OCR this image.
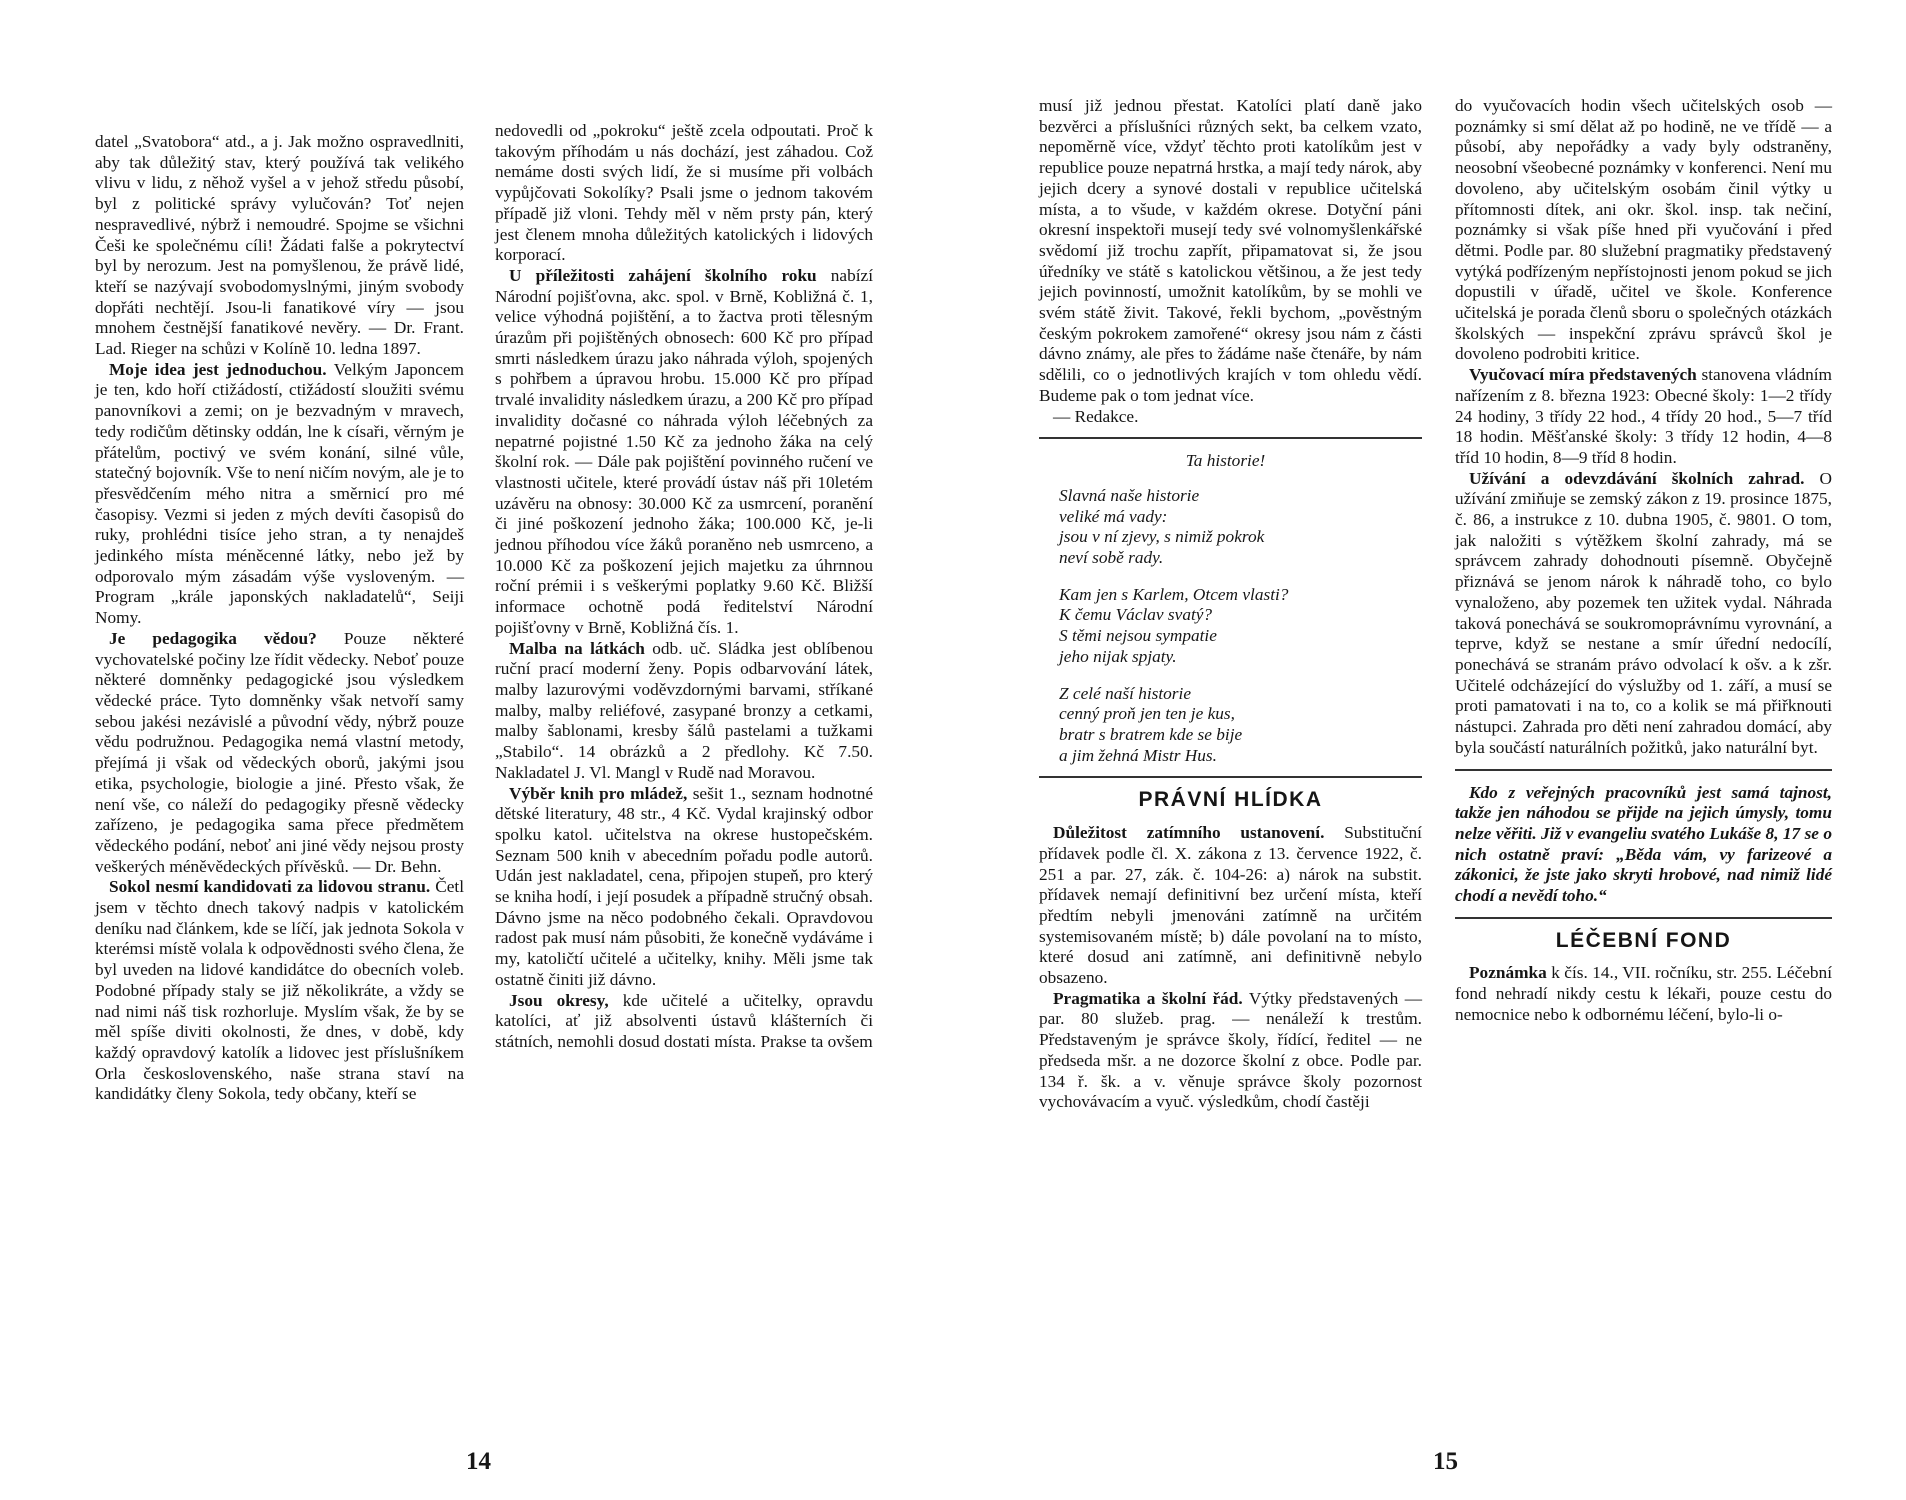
datel „Svatobora“ atd., a j. Jak možno ospravedlniti, aby tak důležitý stav, který používá tak velikého vlivu v lidu, z něhož vyšel a v jehož středu působí, byl z politické správy vylučován? Toť nejen nespravedlivé, nýbrž i nemoudré. Spojme se všichni Češi ke společnému cíli! Žádati falše a pokrytectví byl by nerozum. Jest na pomyšlenou, že právě lidé, kteří se nazývají svobodomyslnými, jiným svobody dopřáti nechtějí. Jsou-li fanatikové víry — jsou mnohem čestnější fanatikové nevěry. — Dr. Frant. Lad. Rieger na schůzi v Kolíně 10. ledna 1897.

Moje idea jest jednoduchou. Velkým Japoncem je ten, kdo hoří ctižádostí, ctižádostí sloužiti svému panovníkovi a zemi; on je bezvadným v mravech, tedy rodičům dětinsky oddán, lne k císaři, věrným je přátelům, poctivý ve svém konání, silné vůle, statečný bojovník. Vše to není ničím novým, ale je to přesvědčením mého nitra a směrnicí pro mé časopisy. Vezmi si jeden z mých devíti časopisů do ruky, prohlédni tisíce jeho stran, a ty nenajdeš jedinkého místa méněcenné látky, nebo jež by odporovalo mým zásadám výše vysloveným. — Program „krále japonských nakladatelů“, Seiji Nomy.

Je pedagogika vědou? Pouze některé vychovatelské počiny lze řídit vědecky. Neboť pouze některé domněnky pedagogické jsou výsledkem vědecké práce. Tyto domněnky však netvoří samy sebou jakési nezávislé a původní vědy, nýbrž pouze vědu podružnou. Pedagogika nemá vlastní metody, přejímá ji však od vědeckých oborů, jakými jsou etika, psychologie, biologie a jiné. Přesto však, že není vše, co náleží do pedagogiky přesně vědecky zařízeno, je pedagogika sama přece předmětem vědeckého podání, neboť ani jiné vědy nejsou prosty veškerých méněvědeckých přívěsků. — Dr. Behn.

Sokol nesmí kandidovati za lidovou stranu. Četl jsem v těchto dnech takový nadpis v katolickém deníku nad článkem, kde se líčí, jak jednota Sokola v kterémsi místě volala k odpovědnosti svého člena, že byl uveden na lidové kandidátce do obecních voleb. Podobné případy staly se již několikráte, a vždy se nad nimi náš tisk rozhorluje. Myslím však, že by se měl spíše diviti okolnosti, že dnes, v době, kdy každý opravdový katolík a lidovec jest příslušníkem Orla československého, naše strana staví na kandidátky členy Sokola, tedy občany, kteří se

nedovedli od „pokroku“ ještě zcela odpoutati. Proč k takovým příhodám u nás dochází, jest záhadou. Což nemáme dosti svých lidí, že si musíme při volbách vypůjčovati Sokolíky? Psali jsme o jednom takovém případě již vloni. Tehdy měl v něm prsty pán, který jest členem mnoha důležitých katolických i lidových korporací.

U příležitosti zahájení školního roku nabízí Národní pojišťovna, akc. spol. v Brně, Kobližná č. 1, velice výhodná pojištění, a to žactva proti tělesným úrazům při pojištěných obnosech: 600 Kč pro případ smrti následkem úrazu jako náhrada výloh, spojených s pohřbem a úpravou hrobu. 15.000 Kč pro případ trvalé invalidity následkem úrazu, a 200 Kč pro případ invalidity dočasné co náhrada výloh léčebných za nepatrné pojistné 1.50 Kč za jednoho žáka na celý školní rok. — Dále pak pojištění povinného ručení ve vlastnosti učitele, které provádí ústav náš při 10letém uzávěru na obnosy: 30.000 Kč za usmrcení, poranění či jiné poškození jednoho žáka; 100.000 Kč, je-li jednou příhodou více žáků poraněno neb usmrceno, a 10.000 Kč za poškození jejich majetku za úhrnnou roční prémii i s veškerými poplatky 9.60 Kč. Bližší informace ochotně podá ředitelství Národní pojišťovny v Brně, Kobližná čís. 1.

Malba na látkách odb. uč. Sládka jest oblíbenou ruční prací moderní ženy. Popis odbarvování látek, malby lazurovými voděvzdornými barvami, stříkané malby, malby reliéfové, zasypané bronzy a cetkami, malby šablonami, kresby šálů pastelami a tužkami „Stabilo“. 14 obrázků a 2 předlohy. Kč 7.50. Nakladatel J. Vl. Mangl v Rudě nad Moravou.

Výběr knih pro mládež, sešit 1., seznam hodnotné dětské literatury, 48 str., 4 Kč. Vydal krajinský odbor spolku katol. učitelstva na okrese hustopečském. Seznam 500 knih v abecedním pořadu podle autorů. Udán jest nakladatel, cena, připojen stupeň, pro který se kniha hodí, i její posudek a případně stručný obsah. Dávno jsme na něco podobného čekali. Opravdovou radost pak musí nám působiti, že konečně vydáváme i my, katoličtí učitelé a učitelky, knihy. Měli jsme tak ostatně činiti již dávno.

Jsou okresy, kde učitelé a učitelky, opravdu katolíci, ať již absolventi ústavů klášterních či státních, nemohli dosud dostati místa. Prakse ta ovšem

14

musí již jednou přestat. Katolíci platí daně jako bezvěrci a příslušníci různých sekt, ba celkem vzato, nepoměrně více, vždyť těchto proti katolíkům jest v republice pouze nepatrná hrstka, a mají tedy nárok, aby jejich dcery a synové dostali v republice učitelská místa, a to všude, v každém okrese. Dotyční páni okresní inspektoři musejí tedy své volnomyšlenkářské svědomí již trochu zapřít, připamatovat si, že jsou úředníky ve státě s katolickou většinou, a že jest tedy jejich povinností, umožnit katolíkům, by se mohli ve svém státě živit. Takové, řekli bychom, „pověstným českým pokrokem zamořené“ okresy jsou nám z části dávno známy, ale přes to žádáme naše čtenáře, by nám sdělili, co o jednotlivých krajích v tom ohledu vědí. Budeme pak o tom jednat více.

— Redakce.

Ta historie!
Slavná naše historie
veliké má vady:
jsou v ní zjevy, s nimiž pokrok
neví sobě rady.
Kam jen s Karlem, Otcem vlasti?
K čemu Václav svatý?
S těmi nejsou sympatie
jeho nijak spjaty.
Z celé naší historie
cenný proň jen ten je kus,
bratr s bratrem kde se bije
a jim žehná Mistr Hus.
PRÁVNÍ HLÍDKA

Důležitost zatímního ustanovení. Substituční přídavek podle čl. X. zákona z 13. července 1922, č. 251 a par. 27, zák. č. 104-26: a) nárok na substit. přídavek nemají definitivní bez určení místa, kteří předtím nebyli jmenováni zatímně na určitém systemisovaném místě; b) dále povolaní na to místo, které dosud ani zatímně, ani definitivně nebylo obsazeno.

Pragmatika a školní řád. Výtky představených — par. 80 služeb. prag. — nenáleží k trestům. Představeným je správce školy, řídící, ředitel — ne předseda mšr. a ne dozorce školní z obce. Podle par. 134 ř. šk. a v. věnuje správce školy pozornost vychovávacím a vyuč. výsledkům, chodí častěji

do vyučovacích hodin všech učitelských osob — poznámky si smí dělat až po hodině, ne ve třídě — a působí, aby nepořádky a vady byly odstraněny, neosobní všeobecné poznámky v konferenci. Není mu dovoleno, aby učitelským osobám činil výtky u přítomnosti dítek, ani okr. škol. insp. tak nečiní, poznámky si však píše hned při vyučování i před dětmi. Podle par. 80 služební pragmatiky představený vytýká podřízeným nepřístojnosti jenom pokud se jich dopustili v úřadě, učitel ve škole. Konference učitelská je porada členů sboru o společných otázkách školských — inspekční zprávu správců škol je dovoleno podrobiti kritice.

Vyučovací míra představených stanovena vládním nařízením z 8. března 1923: Obecné školy: 1—2 třídy 24 hodiny, 3 třídy 22 hod., 4 třídy 20 hod., 5—7 tříd 18 hodin. Měšťanské školy: 3 třídy 12 hodin, 4—8 tříd 10 hodin, 8—9 tříd 8 hodin.

Užívání a odevzdávání školních zahrad. O užívání zmiňuje se zemský zákon z 19. prosince 1875, č. 86, a instrukce z 10. dubna 1905, č. 9801. O tom, jak naložiti s výtěžkem školní zahrady, má se správcem zahrady dohodnouti písemně. Obyčejně přiznává se jenom nárok k náhradě toho, co bylo vynaloženo, aby pozemek ten užitek vydal. Náhrada taková ponechává se soukromoprávnímu vyrovnání, a teprve, když se nestane a smír úřední nedocílí, ponechává se stranám právo odvolací k ošv. a k zšr. Učitelé odcházející do výslužby od 1. září, a musí se proti pamatovati i na to, co a kolik se má přiřknouti nástupci. Zahrada pro děti není zahradou domácí, aby byla součástí naturálních požitků, jako naturální byt.

Kdo z veřejných pracovníků jest samá tajnost, takže jen náhodou se přijde na jejich úmysly, tomu nelze věřiti. Již v evangeliu svatého Lukáše 8, 17 se o nich ostatně praví: „Běda vám, vy farizeové a zákonici, že jste jako skryti hrobové, nad nimiž lidé chodí a nevědí toho.“

LÉČEBNÍ FOND

Poznámka k čís. 14., VII. ročníku, str. 255. Léčební fond nehradí nikdy cestu k lékaři, pouze cestu do nemocnice nebo k odbornému léčení, bylo-li o-

15
